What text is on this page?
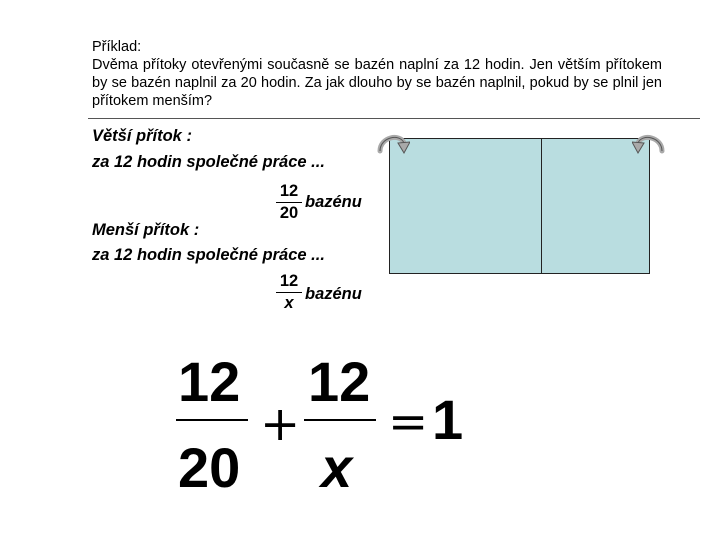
Příklad:
Dvěma přítoky otevřenými současně se bazén naplní za 12 hodin. Jen větším přítokem by se bazén naplnil za 20 hodin. Za jak dlouho by se bazén naplnil, pokud by se plnil jen přítokem menším?
Větší přítok :
za 12 hodin společné práce ...
12
20
bazénu
Menší přítok :
za 12 hodin společné práce ...
12
x bazénu
12
20
+
12
x
= 1
